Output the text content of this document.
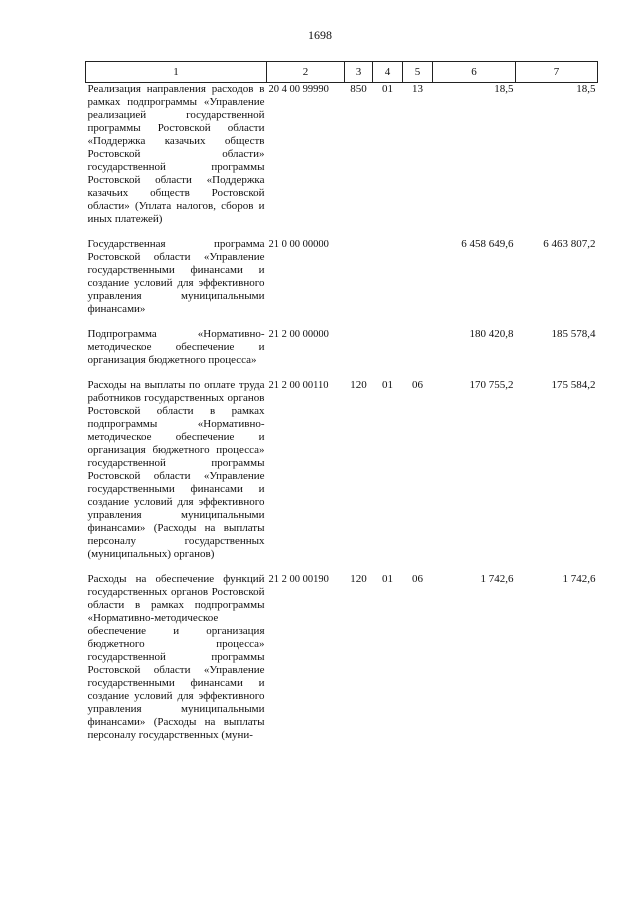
1698
1	2	3	4	5	6	7
Реализация направления расходов в рамках подпрограммы «Управление реализацией государственной программы Ростовской области «Поддержка казачьих обществ Ростовской области» государственной программы Ростовской области «Поддержка казачьих обществ Ростовской области» (Уплата налогов, сборов и иных платежей)	20 4 00 99990	850	01	13	18,5	18,5
Государственная программа Ростовской области «Управление государственными финансами и создание условий для эффективного управления муниципальными финансами»	21 0 00 00000				6 458 649,6	6 463 807,2
Подпрограмма «Нормативно-методическое обеспечение и организация бюджетного процесса»	21 2 00 00000				180 420,8	185 578,4
Расходы на выплаты по оплате труда работников государственных органов Ростовской области в рамках подпрограммы «Нормативно-методическое обеспечение и организация бюджетного процесса» государственной программы Ростовской области «Управление государственными финансами и создание условий для эффективного управления муниципальными финансами» (Расходы на выплаты персоналу государственных (муниципальных) органов)	21 2 00 00110	120	01	06	170 755,2	175 584,2
Расходы на обеспечение функций государственных органов Ростовской области в рамках подпрограммы «Нормативно-методическое обеспечение и организация бюджетного процесса» государственной программы Ростовской области «Управление государственными финансами и создание условий для эффективного управления муниципальными финансами» (Расходы на выплаты персоналу государственных (муни-	21 2 00 00190	120	01	06	1 742,6	1 742,6
